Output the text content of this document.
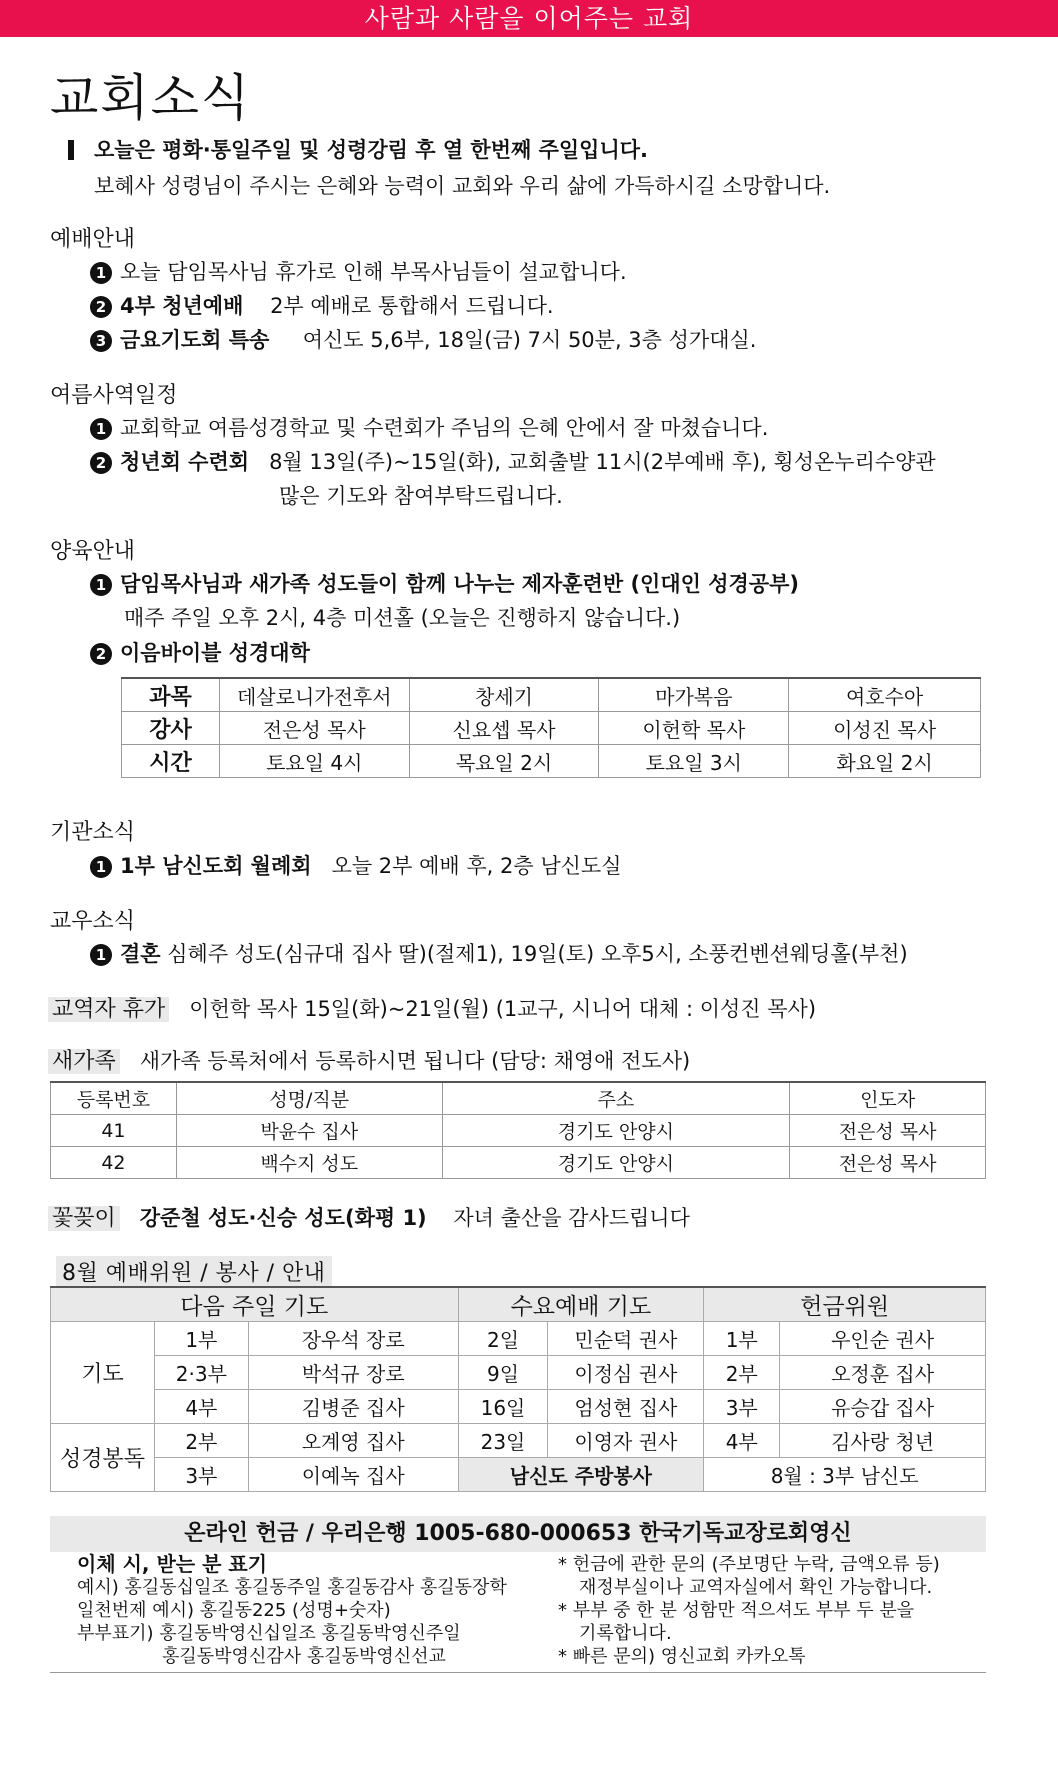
사람과 사람을 이어주는 교회
교회소식
오늘은 평화·통일주일 및 성령강림 후 열 한번째 주일입니다.
보혜사 성령님이 주시는 은혜와 능력이 교회와 우리 삶에 가득하시길 소망합니다.
예배안내
1 오늘 담임목사님 휴가로 인해 부목사님들이 설교합니다.
2 4부 청년예배 2부 예배로 통합해서 드립니다.
3 금요기도회 특송 여신도 5,6부, 18일(금) 7시 50분, 3층 성가대실.
여름사역일정
1 교회학교 여름성경학교 및 수련회가 주님의 은혜 안에서 잘 마쳤습니다.
2 청년회 수련회 8월 13일(주)~15일(화), 교회출발 11시(2부예배 후), 횡성온누리수양관
많은 기도와 참여부탁드립니다.
양육안내
1 담임목사님과 새가족 성도들이 함께 나누는 제자훈련반 (인대인 성경공부)
매주 주일 오후 2시, 4층 미션홀 (오늘은 진행하지 않습니다.)
2 이음바이블 성경대학
과목	데살로니가전후서	창세기	마가복음	여호수아
강사	전은성 목사	신요셉 목사	이헌학 목사	이성진 목사
시간	토요일 4시	목요일 2시	토요일 3시	화요일 2시
기관소식
1 1부 남신도회 월례회 오늘 2부 예배 후, 2층 남신도실
교우소식
1 결혼 심혜주 성도(심규대 집사 딸)(절제1), 19일(토) 오후5시, 소풍컨벤션웨딩홀(부천)
교역자 휴가 이헌학 목사 15일(화)~21일(월) (1교구, 시니어 대체 : 이성진 목사)
새가족 새가족 등록처에서 등록하시면 됩니다 (담당: 채영애 전도사)
등록번호	성명/직분	주소	인도자
41	박윤수 집사	경기도 안양시	전은성 목사
42	백수지 성도	경기도 안양시	전은성 목사
꽃꽂이 강준철 성도·신승 성도(화평 1) 자녀 출산을 감사드립니다
8월 예배위원 / 봉사 / 안내
다음 주일 기도			수요예배 기도		헌금위원	
기도	1부	장우석 장로	2일	민순덕 권사	1부	우인순 권사
	2·3부	박석규 장로	9일	이정심 권사	2부	오정훈 집사
	4부	김병준 집사	16일	엄성현 집사	3부	유승갑 집사
성경봉독	2부	오계영 집사	23일	이영자 권사	4부	김사랑 청년
	3부	이예녹 집사	남신도 주방봉사		8월 : 3부 남신도	
온라인 헌금 / 우리은행 1005-680-000653 한국기독교장로회영신
이체 시, 받는 분 표기
예시) 홍길동십일조 홍길동주일 홍길동감사 홍길동장학
일천번제 예시) 홍길동225 (성명+숫자)
부부표기) 홍길동박영신십일조 홍길동박영신주일
홍길동박영신감사 홍길동박영신선교
* 헌금에 관한 문의 (주보명단 누락, 금액오류 등)
재정부실이나 교역자실에서 확인 가능합니다.
* 부부 중 한 분 성함만 적으셔도 부부 두 분을
기록합니다.
* 빠른 문의) 영신교회 카카오톡
